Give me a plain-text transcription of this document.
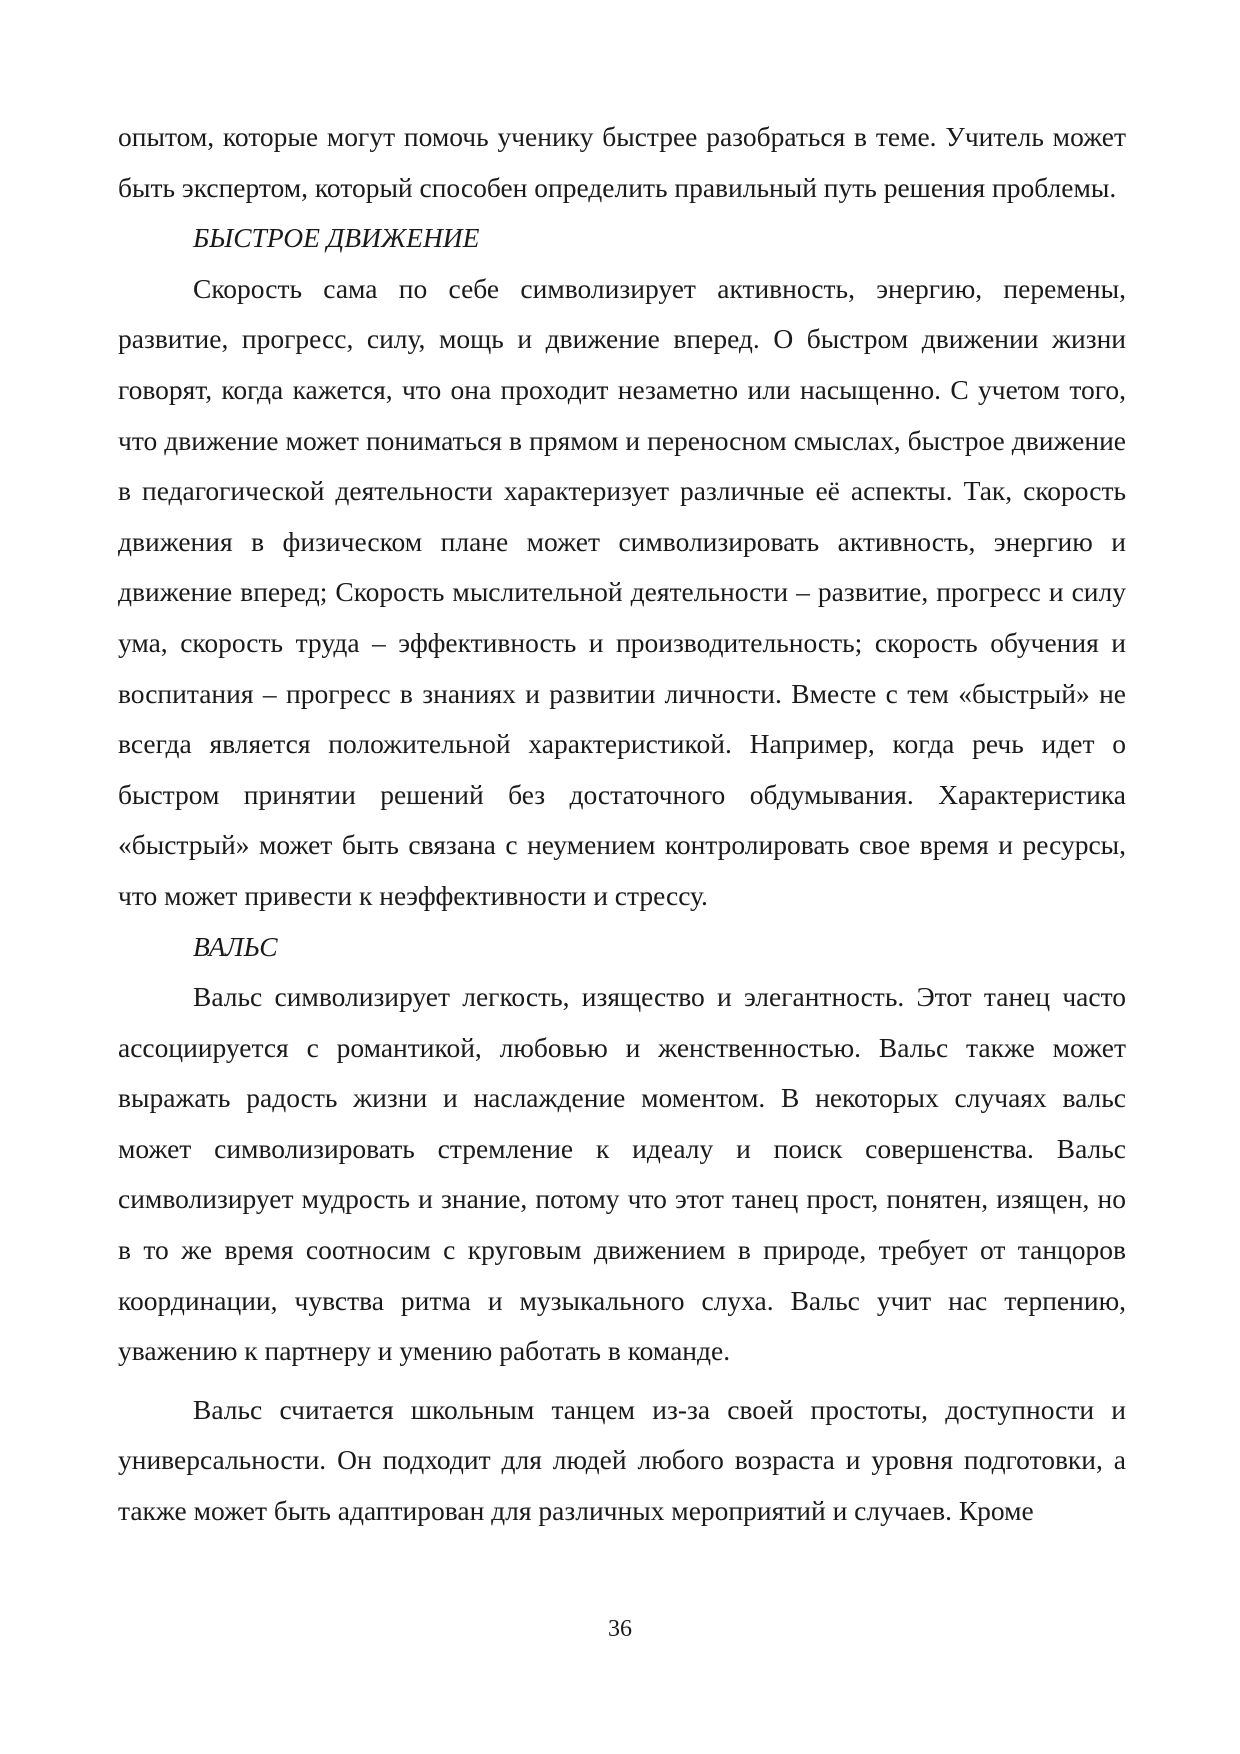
опытом, которые могут помочь ученику быстрее разобраться в теме. Учитель может быть экспертом, который способен определить правильный путь решения проблемы.

БЫСТРОЕ ДВИЖЕНИЕ

Скорость сама по себе символизирует активность, энергию, перемены, развитие, прогресс, силу, мощь и движение вперед. О быстром движении жизни говорят, когда кажется, что она проходит незаметно или насыщенно. С учетом того, что движение может пониматься в прямом и переносном смыслах, быстрое движение в педагогической деятельности характеризует различные её аспекты. Так, скорость движения в физическом плане может символизировать активность, энергию и движение вперед; Скорость мыслительной деятельности – развитие, прогресс и силу ума, скорость труда – эффективность и производительность; скорость обучения и воспитания – прогресс в знаниях и развитии личности. Вместе с тем «быстрый» не всегда является положительной характеристикой. Например, когда речь идет о быстром принятии решений без достаточного обдумывания. Характеристика «быстрый» может быть связана с неумением контролировать свое время и ресурсы, что может привести к неэффективности и стрессу.

ВАЛЬС

Вальс символизирует легкость, изящество и элегантность. Этот танец часто ассоциируется с романтикой, любовью и женственностью. Вальс также может выражать радость жизни и наслаждение моментом. В некоторых случаях вальс может символизировать стремление к идеалу и поиск совершенства. Вальс символизирует мудрость и знание, потому что этот танец прост, понятен, изящен, но в то же время соотносим с круговым движением в природе, требует от танцоров координации, чувства ритма и музыкального слуха. Вальс учит нас терпению, уважению к партнеру и умению работать в команде.

Вальс считается школьным танцем из-за своей простоты, доступности и универсальности. Он подходит для людей любого возраста и уровня подготовки, а также может быть адаптирован для различных мероприятий и случаев. Кроме

36
